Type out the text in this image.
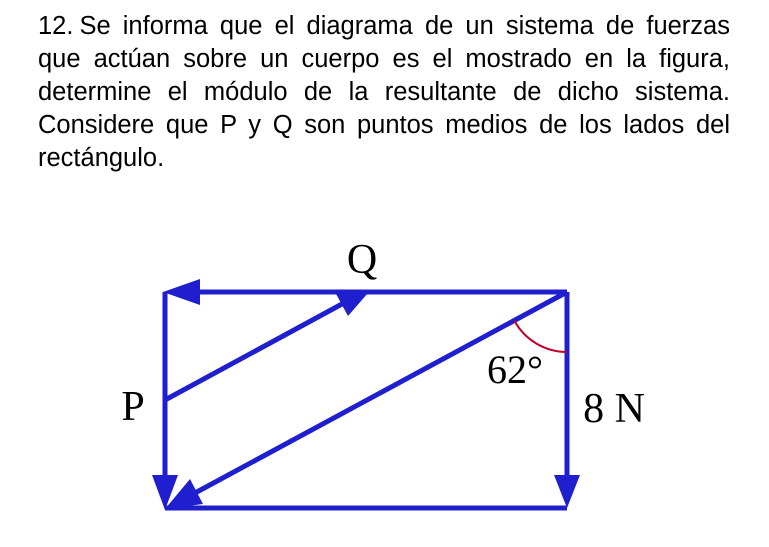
12. Se informa que el diagrama de un sistema de fuerzas que actúan sobre un cuerpo es el mostrado en la figura, determine el módulo de la resultante de dicho sistema. Considere que P y Q son puntos medios de los lados del rectángulo.

Q
P
62°
8 N
